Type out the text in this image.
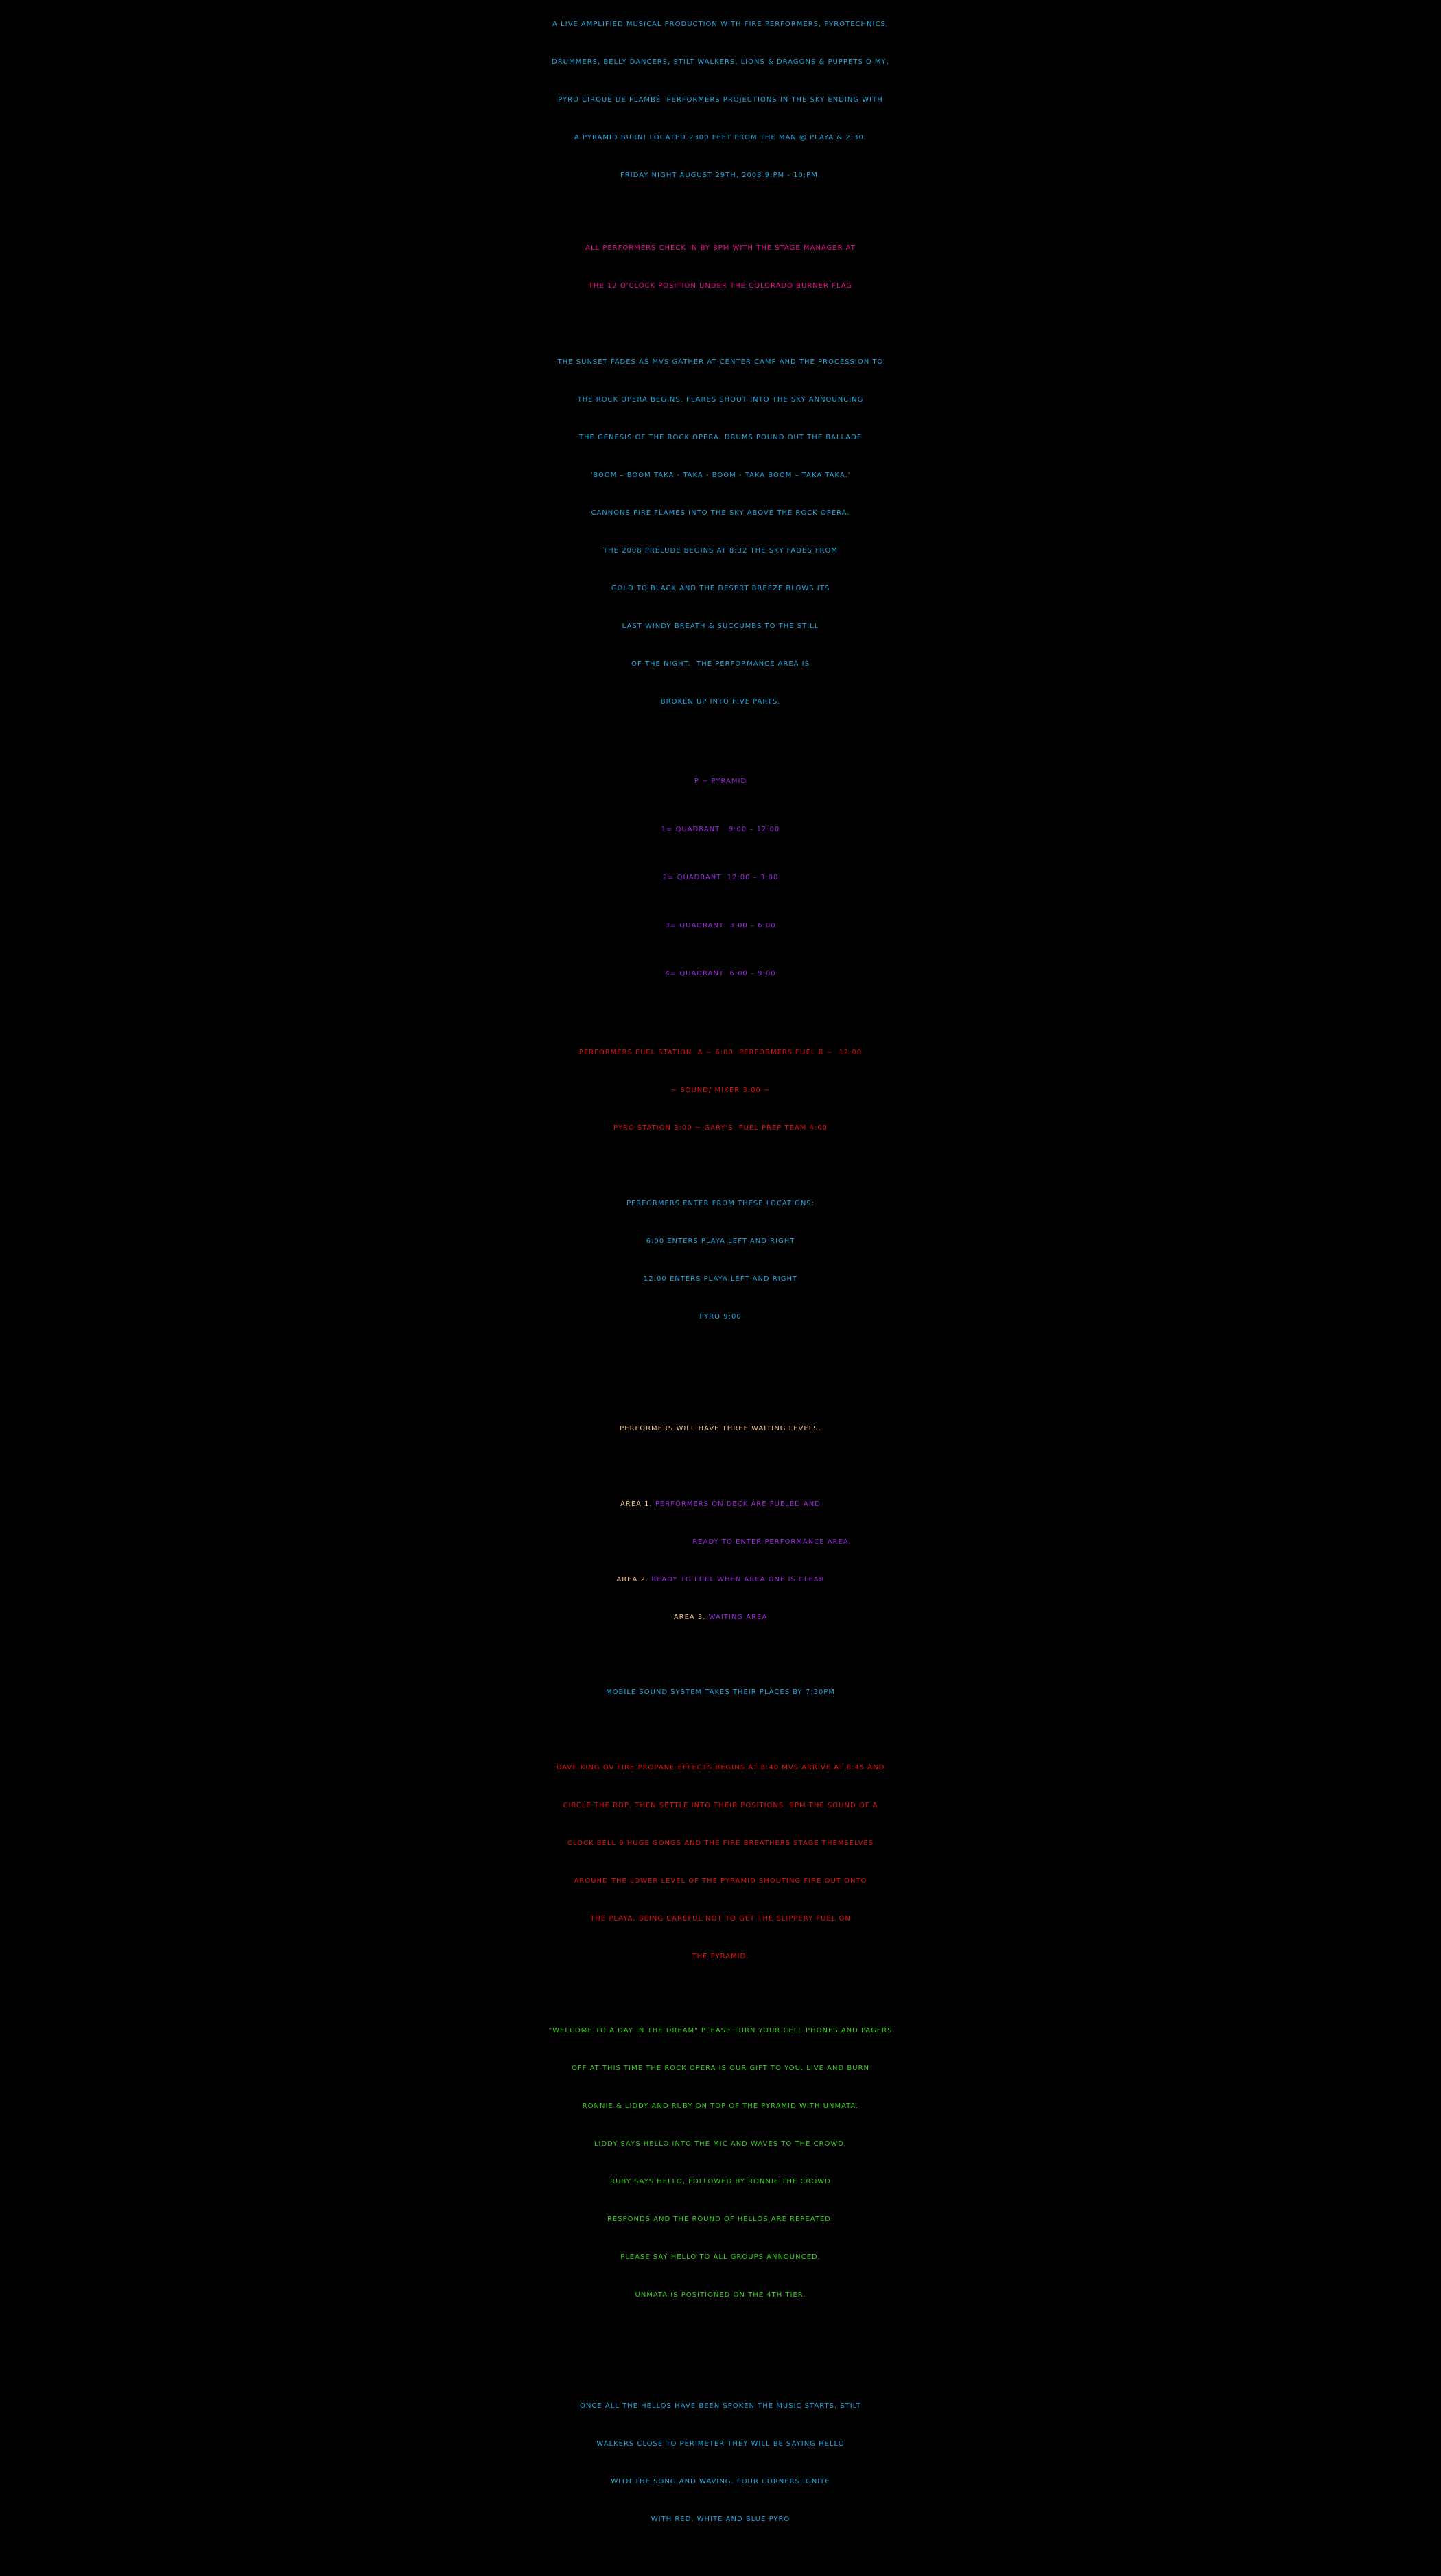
A LIVE AMPLIFIED MUSICAL PRODUCTION WITH FIRE PERFORMERS, PYROTECHNICS,
DRUMMERS, BELLY DANCERS, STILT WALKERS, LIONS & DRAGONS & PUPPETS O MY,
PYRO CIRQUE DE FLAMBÉ  PERFORMERS PROJECTIONS IN THE SKY ENDING WITH
A PYRAMID BURN! LOCATED 2300 FEET FROM THE MAN @ PLAYA & 2:30.
FRIDAY NIGHT AUGUST 29TH, 2008 9:PM - 10:PM.
ALL PERFORMERS CHECK IN BY 8PM WITH THE STAGE MANAGER AT
THE 12 O'CLOCK POSITION UNDER THE COLORADO BURNER FLAG
THE SUNSET FADES AS MVS GATHER AT CENTER CAMP AND THE PROCESSION TO
THE ROCK OPERA BEGINS. FLARES SHOOT INTO THE SKY ANNOUNCING
THE GENESIS OF THE ROCK OPERA. DRUMS POUND OUT THE BALLADE
'BOOM – BOOM TAKA - TAKA - BOOM - TAKA BOOM – TAKA TAKA.'
CANNONS FIRE FLAMES INTO THE SKY ABOVE THE ROCK OPERA.
THE 2008 PRELUDE BEGINS AT 8:32 THE SKY FADES FROM
GOLD TO BLACK AND THE DESERT BREEZE BLOWS ITS
LAST WINDY BREATH & SUCCUMBS TO THE STILL
OF THE NIGHT.  THE PERFORMANCE AREA IS
BROKEN UP INTO FIVE PARTS.
P = PYRAMID
1= QUADRANT   9:00 – 12:00
2= QUADRANT  12:00 – 3:00
3= QUADRANT  3:00 – 6:00
4= QUADRANT  6:00 – 9:00
PERFORMERS FUEL STATION  A ~ 6:00  PERFORMERS FUEL B ~  12:00
~ SOUND/ MIXER 3:00 ~
PYRO STATION 3:00 ~ GARY'S  FUEL PREP TEAM 4:00
PERFORMERS ENTER FROM THESE LOCATIONS:
6:00 ENTERS PLAYA LEFT AND RIGHT
12:00 ENTERS PLAYA LEFT AND RIGHT
PYRO 9:00
PERFORMERS WILL HAVE THREE WAITING LEVELS.
AREA 1. PERFORMERS ON DECK ARE FUELED AND
READY TO ENTER PERFORMANCE AREA.
AREA 2. READY TO FUEL WHEN AREA ONE IS CLEAR
AREA 3. WAITING AREA
MOBILE SOUND SYSTEM TAKES THEIR PLACES BY 7:30PM
DAVE KING OV FIRE PROPANE EFFECTS BEGINS AT 8:40 MVS ARRIVE AT 8:45 AND
CIRCLE THE ROP, THEN SETTLE INTO THEIR POSITIONS  9PM THE SOUND OF A
CLOCK BELL 9 HUGE GONGS AND THE FIRE BREATHERS STAGE THEMSELVES
AROUND THE LOWER LEVEL OF THE PYRAMID SHOUTING FIRE OUT ONTO
THE PLAYA, BEING CAREFUL NOT TO GET THE SLIPPERY FUEL ON
THE PYRAMID.
"WELCOME TO A DAY IN THE DREAM" PLEASE TURN YOUR CELL PHONES AND PAGERS
OFF AT THIS TIME THE ROCK OPERA IS OUR GIFT TO YOU. LIVE AND BURN
RONNIE & LIDDY AND RUBY ON TOP OF THE PYRAMID WITH UNMATA.
LIDDY SAYS HELLO INTO THE MIC AND WAVES TO THE CROWD.
RUBY SAYS HELLO, FOLLOWED BY RONNIE THE CROWD
RESPONDS AND THE ROUND OF HELLOS ARE REPEATED.
PLEASE SAY HELLO TO ALL GROUPS ANNOUNCED.
UNMATA IS POSITIONED ON THE 4TH TIER.
ONCE ALL THE HELLOS HAVE BEEN SPOKEN THE MUSIC STARTS. STILT
WALKERS CLOSE TO PERIMETER THEY WILL BE SAYING HELLO
WITH THE SONG AND WAVING. FOUR CORNERS IGNITE
WITH RED, WHITE AND BLUE PYRO
